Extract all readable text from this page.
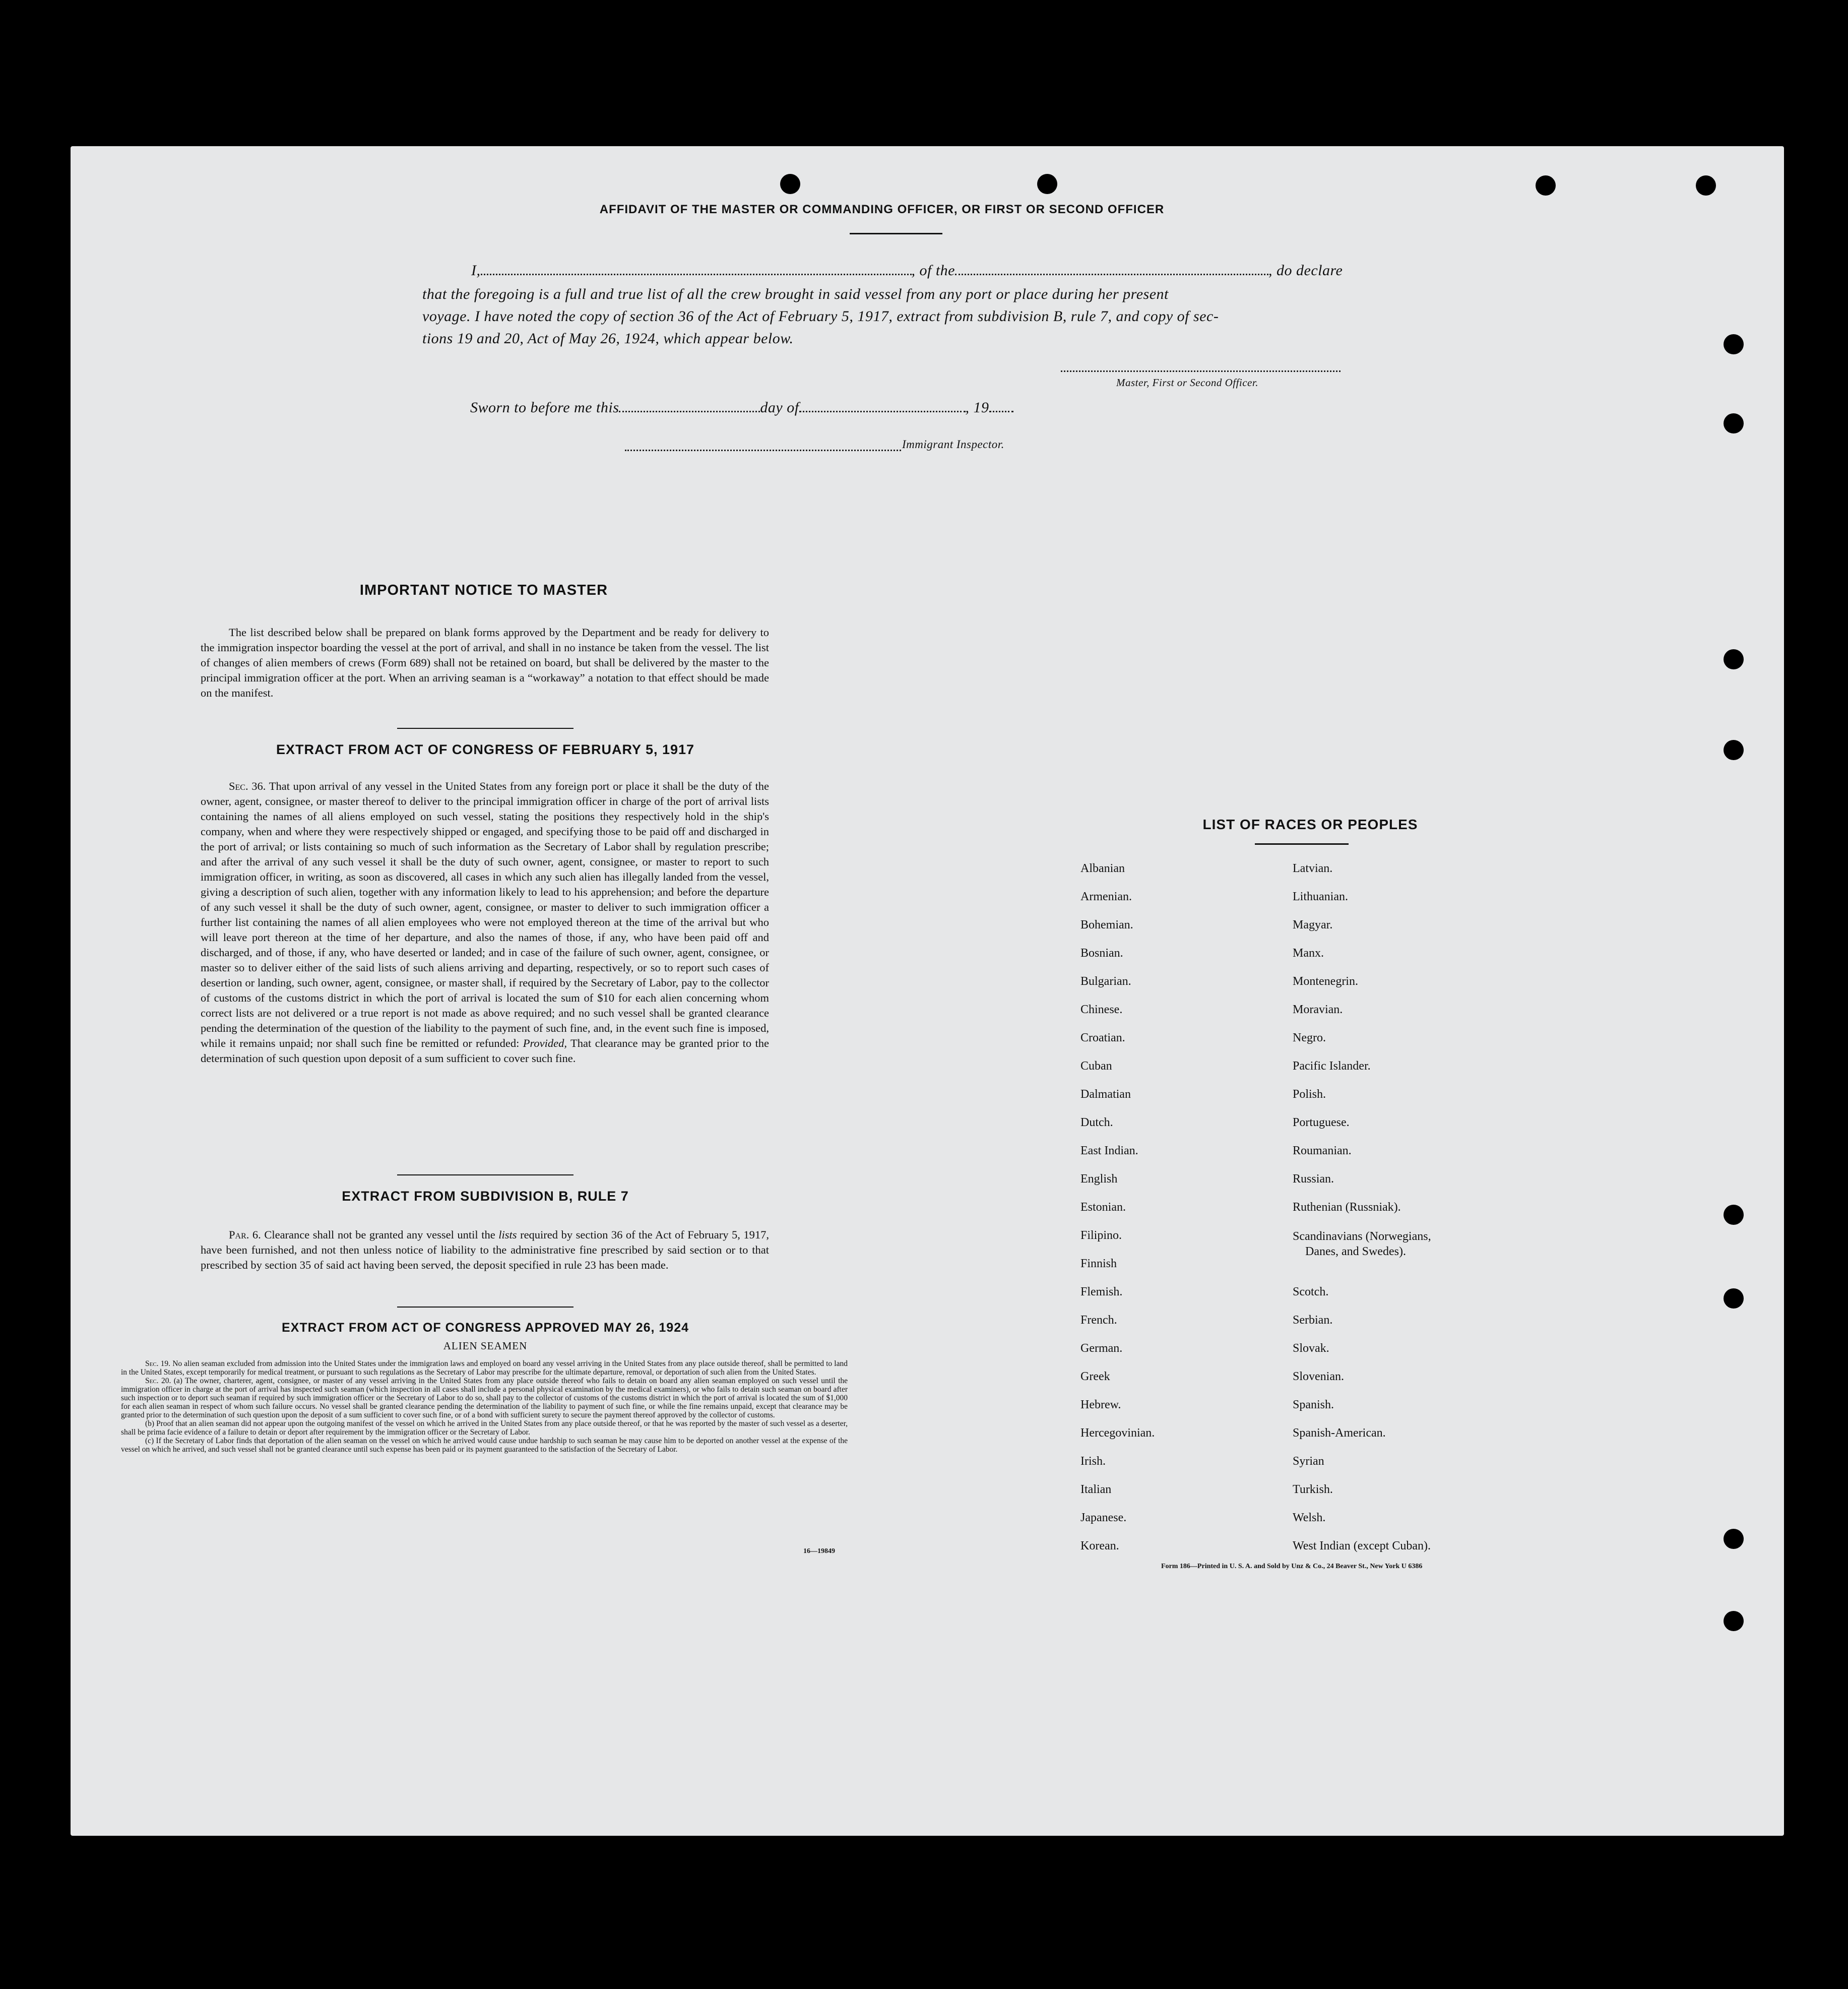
AFFIDAVIT OF THE MASTER OR COMMANDING OFFICER, OR FIRST OR SECOND OFFICER
I,	, of the	, do declare
that the foregoing is a full and true list of all the crew brought in said vessel from any port or place during her present
voyage. I have noted the copy of section 36 of the Act of February 5, 1917, extract from subdivision B, rule 7, and copy of sec-
tions 19 and 20, Act of May 26, 1924, which appear below.
Master, First or Second Officer.
Sworn to before me this	day of	, 19
Immigrant Inspector.
IMPORTANT NOTICE TO MASTER

The list described below shall be prepared on blank forms approved by the Department and be ready for delivery to the immigration inspector boarding the vessel at the port of arrival, and shall in no instance be taken from the vessel. The list of changes of alien members of crews (Form 689) shall not be retained on board, but shall be delivered by the master to the principal immigration officer at the port. When an arriving seaman is a “workaway” a notation to that effect should be made on the manifest.

EXTRACT FROM ACT OF CONGRESS OF FEBRUARY 5, 1917

Sec. 36. That upon arrival of any vessel in the United States from any foreign port or place it shall be the duty of the owner, agent, consignee, or master thereof to deliver to the principal immigration officer in charge of the port of arrival lists containing the names of all aliens employed on such vessel, stating the positions they respectively hold in the ship's company, when and where they were respectively shipped or engaged, and specifying those to be paid off and discharged in the port of arrival; or lists containing so much of such information as the Secretary of Labor shall by regulation prescribe; and after the arrival of any such vessel it shall be the duty of such owner, agent, consignee, or master to report to such immigration officer, in writing, as soon as discovered, all cases in which any such alien has illegally landed from the vessel, giving a description of such alien, together with any information likely to lead to his apprehension; and before the departure of any such vessel it shall be the duty of such owner, agent, consignee, or master to deliver to such immigration officer a further list containing the names of all alien employees who were not employed thereon at the time of the arrival but who will leave port thereon at the time of her departure, and also the names of those, if any, who have been paid off and discharged, and of those, if any, who have deserted or landed; and in case of the failure of such owner, agent, consignee, or master so to deliver either of the said lists of such aliens arriving and departing, respectively, or so to report such cases of desertion or landing, such owner, agent, consignee, or master shall, if required by the Secretary of Labor, pay to the collector of customs of the customs district in which the port of arrival is located the sum of $10 for each alien concerning whom correct lists are not delivered or a true report is not made as above required; and no such vessel shall be granted clearance pending the determination of the question of the liability to the payment of such fine, and, in the event such fine is imposed, while it remains unpaid; nor shall such fine be remitted or refunded: Provided, That clearance may be granted prior to the determination of such question upon deposit of a sum sufficient to cover such fine.

EXTRACT FROM SUBDIVISION B, RULE 7

Par. 6. Clearance shall not be granted any vessel until the lists required by section 36 of the Act of February 5, 1917, have been furnished, and not then unless notice of liability to the administrative fine prescribed by said section or to that prescribed by section 35 of said act having been served, the deposit specified in rule 23 has been made.

EXTRACT FROM ACT OF CONGRESS APPROVED MAY 26, 1924
ALIEN SEAMEN

Sec. 19. No alien seaman excluded from admission into the United States under the immigration laws and employed on board any vessel arriving in the United States from any place outside thereof, shall be permitted to land in the United States, except temporarily for medical treatment, or pursuant to such regulations as the Secretary of Labor may prescribe for the ultimate departure, removal, or deportation of such alien from the United States.

Sec. 20. (a) The owner, charterer, agent, consignee, or master of any vessel arriving in the United States from any place outside thereof who fails to detain on board any alien seaman employed on such vessel until the immigration officer in charge at the port of arrival has inspected such seaman (which inspection in all cases shall include a personal physical examination by the medical examiners), or who fails to detain such seaman on board after such inspection or to deport such seaman if required by such immigration officer or the Secretary of Labor to do so, shall pay to the collector of customs of the customs district in which the port of arrival is located the sum of $1,000 for each alien seaman in respect of whom such failure occurs. No vessel shall be granted clearance pending the determination of the liability to payment of such fine, or while the fine remains unpaid, except that clearance may be granted prior to the determination of such question upon the deposit of a sum sufficient to cover such fine, or of a bond with sufficient surety to secure the payment thereof approved by the collector of customs.

(b) Proof that an alien seaman did not appear upon the outgoing manifest of the vessel on which he arrived in the United States from any place outside thereof, or that he was reported by the master of such vessel as a deserter, shall be prima facie evidence of a failure to detain or deport after requirement by the immigration officer or the Secretary of Labor.

(c) If the Secretary of Labor finds that deportation of the alien seaman on the vessel on which he arrived would cause undue hardship to such seaman he may cause him to be deported on another vessel at the expense of the vessel on which he arrived, and such vessel shall not be granted clearance until such expense has been paid or its payment guaranteed to the satisfaction of the Secretary of Labor.

16—19849
LIST OF RACES OR PEOPLES
Albanian
Armenian.
Bohemian.
Bosnian.
Bulgarian.
Chinese.
Croatian.
Cuban
Dalmatian
Dutch.
East Indian.
English
Estonian.
Filipino.
Finnish
Flemish.
French.
German.
Greek
Hebrew.
Hercegovinian.
Irish.
Italian
Japanese.
Korean.
Latvian.
Lithuanian.
Magyar.
Manx.
Montenegrin.
Moravian.
Negro.
Pacific Islander.
Polish.
Portuguese.
Roumanian.
Russian.
Ruthenian (Russniak).
Scandinavians (Norwegians,
Danes, and Swedes).
Scotch.
Serbian.
Slovak.
Slovenian.
Spanish.
Spanish-American.
Syrian
Turkish.
Welsh.
West Indian (except Cuban).
Form 186—Printed in U. S. A. and Sold by Unz & Co., 24 Beaver St., New York U 6386
